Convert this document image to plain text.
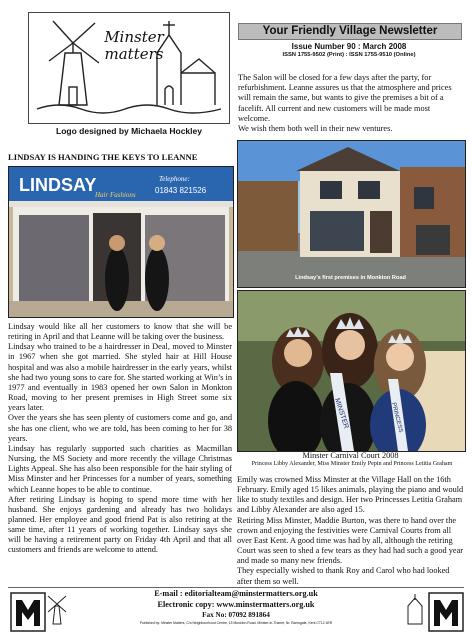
Minster
matters
Logo designed by Michaela Hockley
Your Friendly Village Newsletter
Issue Number 90 : March 2008
ISSN 1755-9502 (Print) : ISSN 1755-9510 (Online)

The Salon will be closed for a few days after the party, for refurbishment. Leanne assures us that the atmosphere and prices will remain the same, but wants to give the premises a bit of a facelift. All current and new customers will be made most welcome.

We wish them both well in their new ventures.

LINDSAY IS HANDING THE KEYS TO LEANNE
LINDSAY
Hair Fashions
Telephone:
01843 821526
Lindsay’s first premises in Monkton Road
MINSTER	PRINCESS

Lindsay would like all her customers to know that she will be retiring in April and that Leanne will be taking over the business.

Lindsay who trained to be a hairdresser in Deal, moved to Minster in 1967 when she got married. She styled hair at Hill House hospital and was also a mobile hairdresser in the early years, whilst she had two young sons to care for. She started working at Win’s in 1977 and eventually in 1983 opened her own Salon in Monkton Road, moving to her present premises in High Street some six years later.

Over the years she has seen plenty of customers come and go, and she has one client, who we are told, has been coming to her for 38 years.

Lindsay has regularly supported such charities as Macmillan Nursing, the MS Society and more recently the village Christmas Lights Appeal. She has also been responsible for the hair styling of Miss Minster and her Princesses for a number of years, something which Leanne hopes to be able to continue.

After retiring Lindsay is hoping to spend more time with her husband. She enjoys gardening and already has two holidays planned. Her employee and good friend Pat is also retiring at the same time, after 11 years of working together. Lindsay says she will be having a retirement party on Friday 4th April and that all customers and friends are welcome to attend.

Minster Carnival Court 2008
Princess Libby Alexander, Miss Minster Emily Pepin and Princess Letitia Graham

Emily was crowned Miss Minster at the Village Hall on the 16th February. Emily aged 15 likes animals, playing the piano and would like to study textiles and design. Her two Princesses Letitia Graham and Libby Alexander are also aged 15.

Retiring Miss Minster, Maddie Burton, was there to hand over the crown and enjoying the festivities were Carnival Courts from all over East Kent. A good time was had by all, although the retiring Court was seen to shed a few tears as they had had such a good year and made so many new friends.

They especially wished to thank Roy and Carol who had looked after them so well.

E-mail : editorialteam@minstermatters.org.uk
Electronic copy: www.minstermatters.org.uk
Fax No: 07092 891864
Published by: Minster Matters, C/o Neighbourhood Centre, 15 Monkton Road, Minster-in-Thanet, Nr. Ramsgate, Kent CT12 4ER
